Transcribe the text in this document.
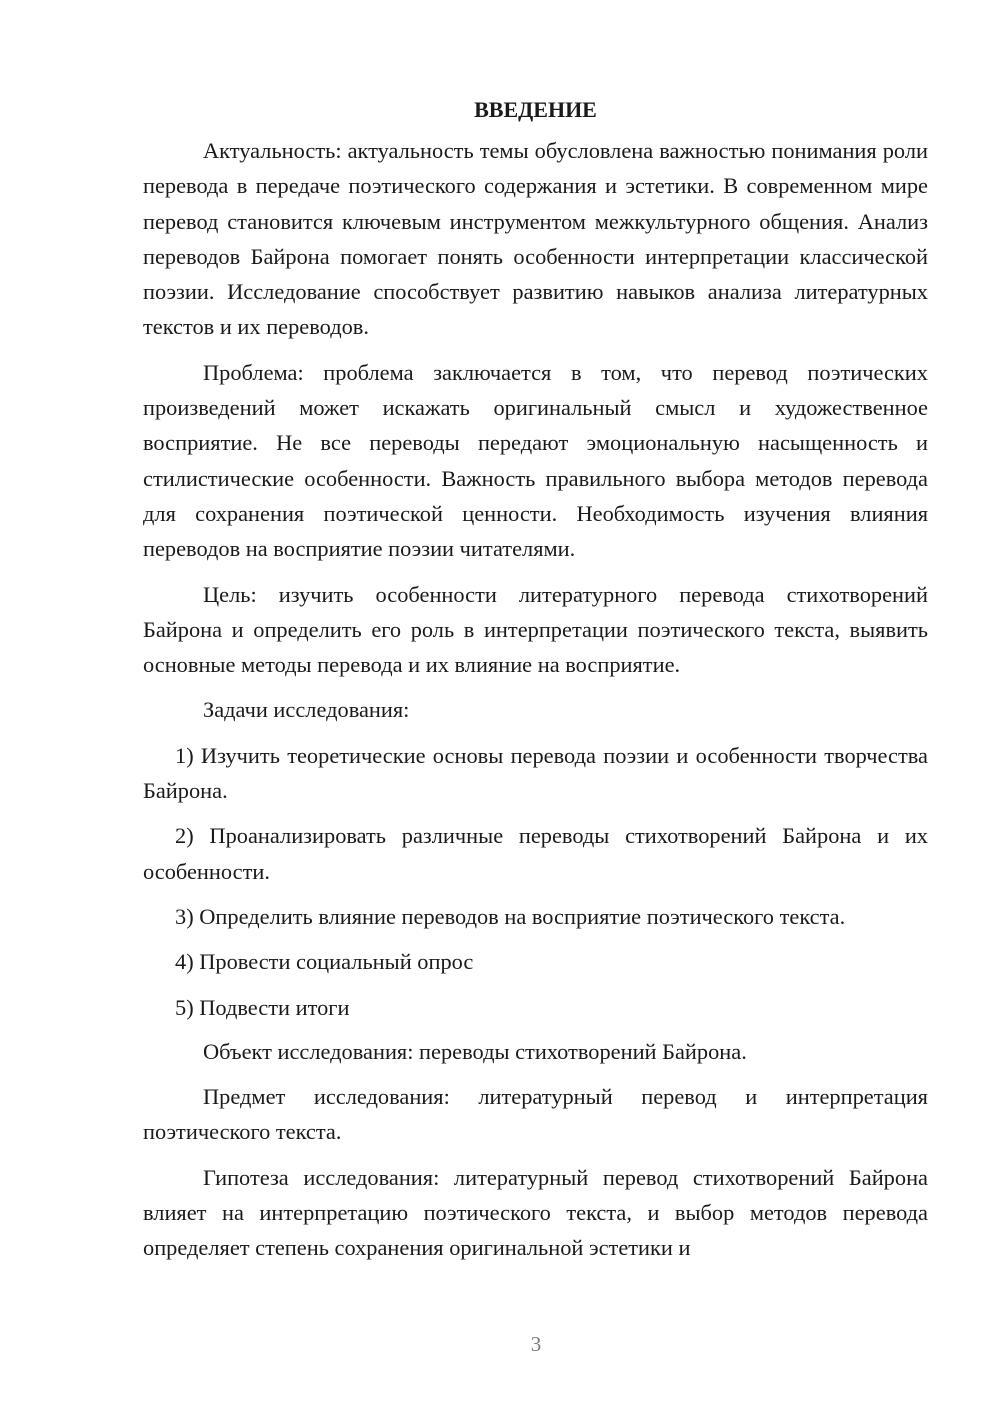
ВВЕДЕНИЕ

Актуальность: актуальность темы обусловлена важностью понимания роли перевода в передаче поэтического содержания и эстетики. В современном мире перевод становится ключевым инструментом межкультурного общения. Анализ переводов Байрона помогает понять особенности интерпретации классической поэзии. Исследование способствует развитию навыков анализа литературных текстов и их переводов.

Проблема: проблема заключается в том, что перевод поэтических произведений может искажать оригинальный смысл и художественное восприятие. Не все переводы передают эмоциональную насыщенность и стилистические особенности. Важность правильного выбора методов перевода для сохранения поэтической ценности. Необходимость изучения влияния переводов на восприятие поэзии читателями.

Цель: изучить особенности литературного перевода стихотворений Байрона и определить его роль в интерпретации поэтического текста, выявить основные методы перевода и их влияние на восприятие.

Задачи исследования:

1) Изучить теоретические основы перевода поэзии и особенности творчества Байрона.

2) Проанализировать различные переводы стихотворений Байрона и их особенности.

3) Определить влияние переводов на восприятие поэтического текста.

4) Провести социальный опрос

5) Подвести итоги

Объект исследования: переводы стихотворений Байрона.

Предмет исследования: литературный перевод и интерпретация поэтического текста.

Гипотеза исследования: литературный перевод стихотворений Байрона влияет на интерпретацию поэтического текста, и выбор методов перевода определяет степень сохранения оригинальной эстетики и

3
